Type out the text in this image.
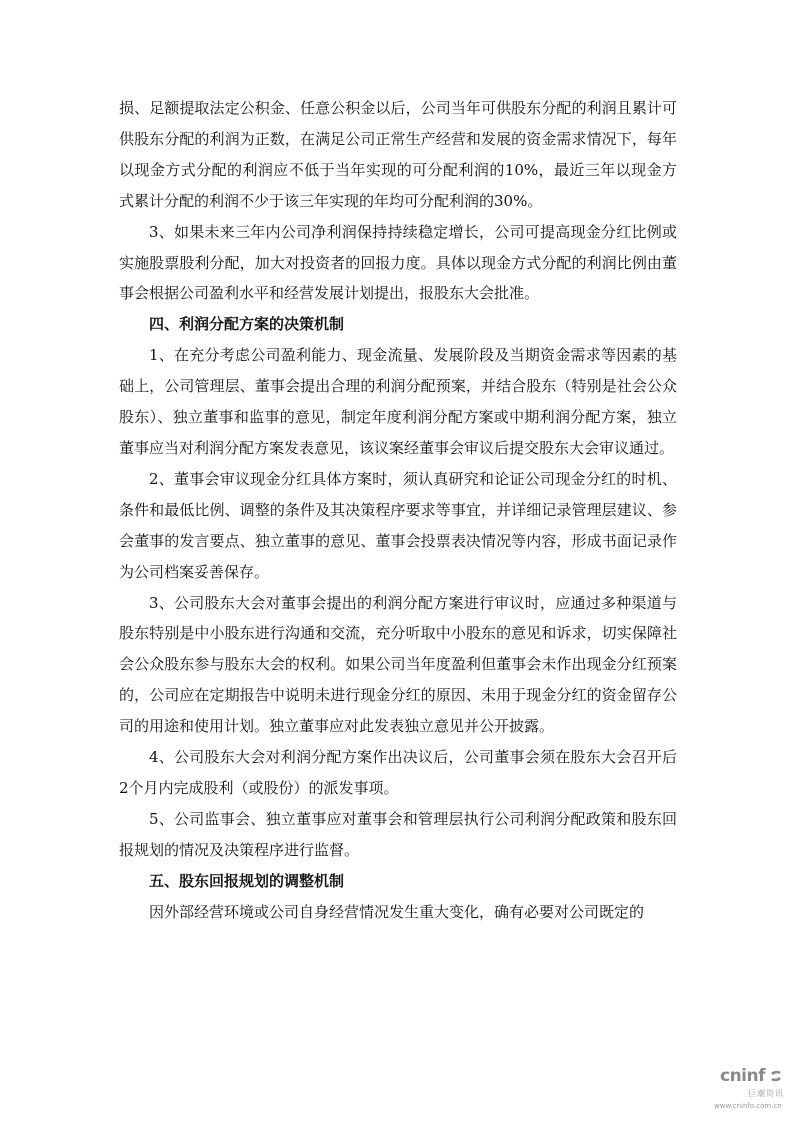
损、足额提取法定公积金、任意公积金以后，公司当年可供股东分配的利润且累计可供股东分配的利润为正数，在满足公司正常生产经营和发展的资金需求情况下，每年以现金方式分配的利润应不低于当年实现的可分配利润的10%，最近三年以现金方式累计分配的利润不少于该三年实现的年均可分配利润的30%。

3、如果未来三年内公司净利润保持持续稳定增长，公司可提高现金分红比例或实施股票股利分配，加大对投资者的回报力度。具体以现金方式分配的利润比例由董事会根据公司盈利水平和经营发展计划提出，报股东大会批准。

四、利润分配方案的决策机制

1、在充分考虑公司盈利能力、现金流量、发展阶段及当期资金需求等因素的基础上，公司管理层、董事会提出合理的利润分配预案，并结合股东（特别是社会公众股东）、独立董事和监事的意见，制定年度利润分配方案或中期利润分配方案，独立董事应当对利润分配方案发表意见，该议案经董事会审议后提交股东大会审议通过。

2、董事会审议现金分红具体方案时，须认真研究和论证公司现金分红的时机、条件和最低比例、调整的条件及其决策程序要求等事宜，并详细记录管理层建议、参会董事的发言要点、独立董事的意见、董事会投票表决情况等内容，形成书面记录作为公司档案妥善保存。

3、公司股东大会对董事会提出的利润分配方案进行审议时，应通过多种渠道与股东特别是中小股东进行沟通和交流，充分听取中小股东的意见和诉求，切实保障社会公众股东参与股东大会的权利。如果公司当年度盈利但董事会未作出现金分红预案的，公司应在定期报告中说明未进行现金分红的原因、未用于现金分红的资金留存公司的用途和使用计划。独立董事应对此发表独立意见并公开披露。

4、公司股东大会对利润分配方案作出决议后，公司董事会须在股东大会召开后2个月内完成股利（或股份）的派发事项。

5、公司监事会、独立董事应对董事会和管理层执行公司利润分配政策和股东回报规划的情况及决策程序进行监督。

五、股东回报规划的调整机制

因外部经营环境或公司自身经营情况发生重大变化，确有必要对公司既定的

cninf
巨潮资讯
www.cninfo.com.cn
